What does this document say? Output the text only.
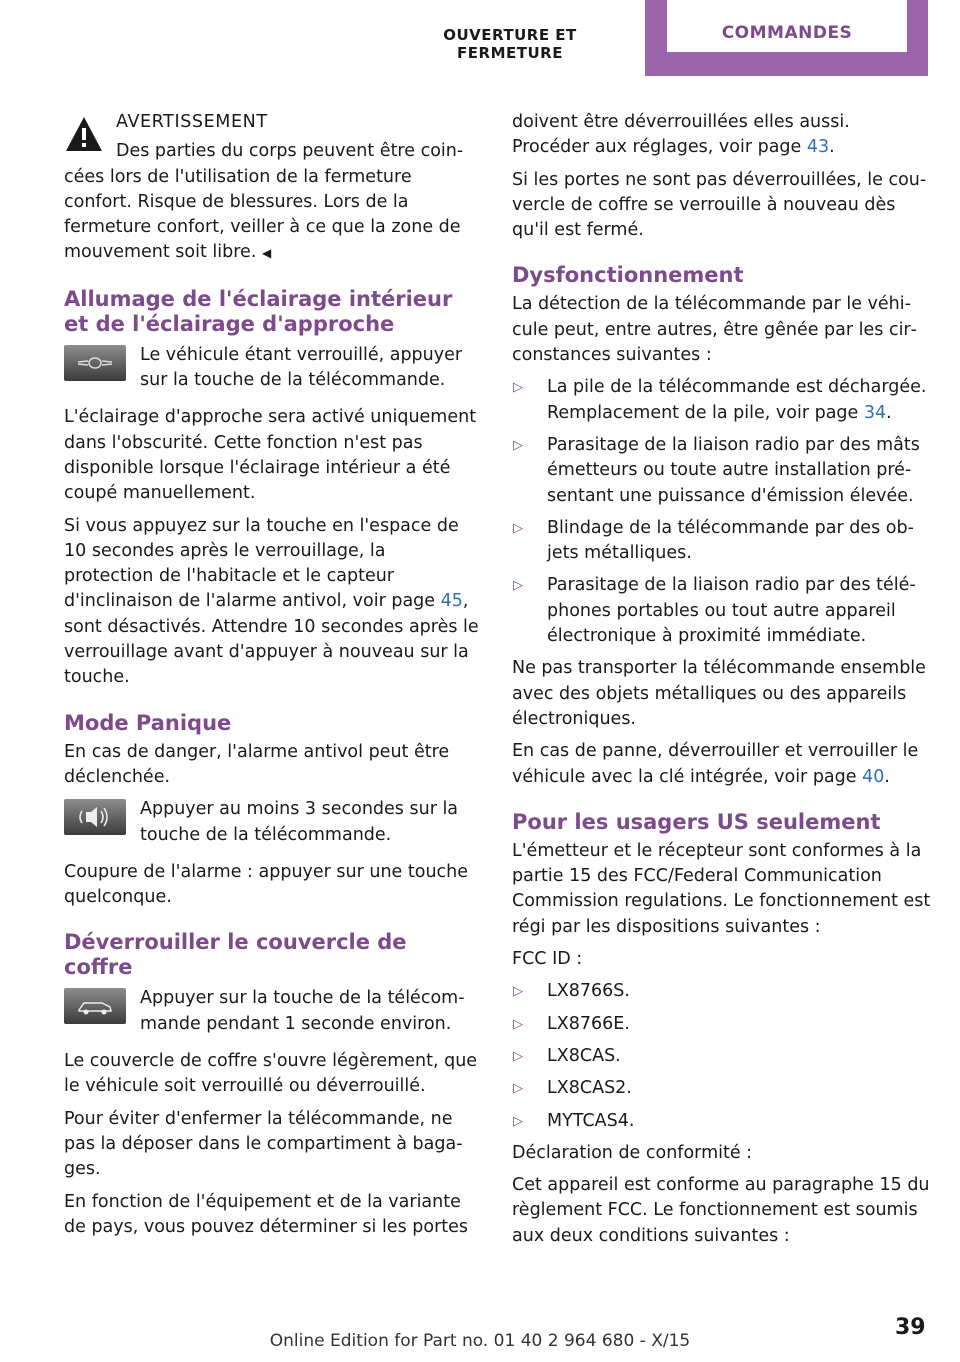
OUVERTURE ET FERMETURE
COMMANDES

AVERTISSEMENT

Des parties du corps peuvent être coincées lors de l'utilisation de la fermeture confort. Risque de blessures. Lors de la fermeture confort, veiller à ce que la zone de mouvement soit libre. ◀

Allumage de l'éclairage intérieur et de l'éclairage d'approche
Le véhicule étant verrouillé, appuyer sur la touche de la télécommande.

L'éclairage d'approche sera activé uniquement dans l'obscurité. Cette fonction n'est pas disponible lorsque l'éclairage intérieur a été coupé manuellement.

Si vous appuyez sur la touche en l'espace de 10 secondes après le verrouillage, la protection de l'habitacle et le capteur d'inclinaison de l'alarme antivol, voir page 45, sont désactivés. Attendre 10 secondes après le verrouillage avant d'appuyer à nouveau sur la touche.

Mode Panique

En cas de danger, l'alarme antivol peut être déclenchée.

Appuyer au moins 3 secondes sur la touche de la télécommande.

Coupure de l'alarme : appuyer sur une touche quelconque.

Déverrouiller le couvercle de coffre
Appuyer sur la touche de la télécommande pendant 1 seconde environ.

Le couvercle de coffre s'ouvre légèrement, que le véhicule soit verrouillé ou déverrouillé.

Pour éviter d'enfermer la télécommande, ne pas la déposer dans le compartiment à bagages.

En fonction de l'équipement et de la variante de pays, vous pouvez déterminer si les portes

doivent être déverrouillées elles aussi. Procéder aux réglages, voir page 43.

Si les portes ne sont pas déverrouillées, le couvercle de coffre se verrouille à nouveau dès qu'il est fermé.

Dysfonctionnement

La détection de la télécommande par le véhicule peut, entre autres, être gênée par les circonstances suivantes :

▷ La pile de la télécommande est déchargée. Remplacement de la pile, voir page 34.
▷ Parasitage de la liaison radio par des mâts émetteurs ou toute autre installation présentant une puissance d'émission élevée.
▷ Blindage de la télécommande par des objets métalliques.
▷ Parasitage de la liaison radio par des téléphones portables ou tout autre appareil électronique à proximité immédiate.

Ne pas transporter la télécommande ensemble avec des objets métalliques ou des appareils électroniques.

En cas de panne, déverrouiller et verrouiller le véhicule avec la clé intégrée, voir page 40.

Pour les usagers US seulement

L'émetteur et le récepteur sont conformes à la partie 15 des FCC/Federal Communication Commission regulations. Le fonctionnement est régi par les dispositions suivantes :

FCC ID :

▷ LX8766S.
▷ LX8766E.
▷ LX8CAS.
▷ LX8CAS2.
▷ MYTCAS4.

Déclaration de conformité :

Cet appareil est conforme au paragraphe 15 du règlement FCC. Le fonctionnement est soumis aux deux conditions suivantes :

39
Online Edition for Part no. 01 40 2 964 680 - X/15
